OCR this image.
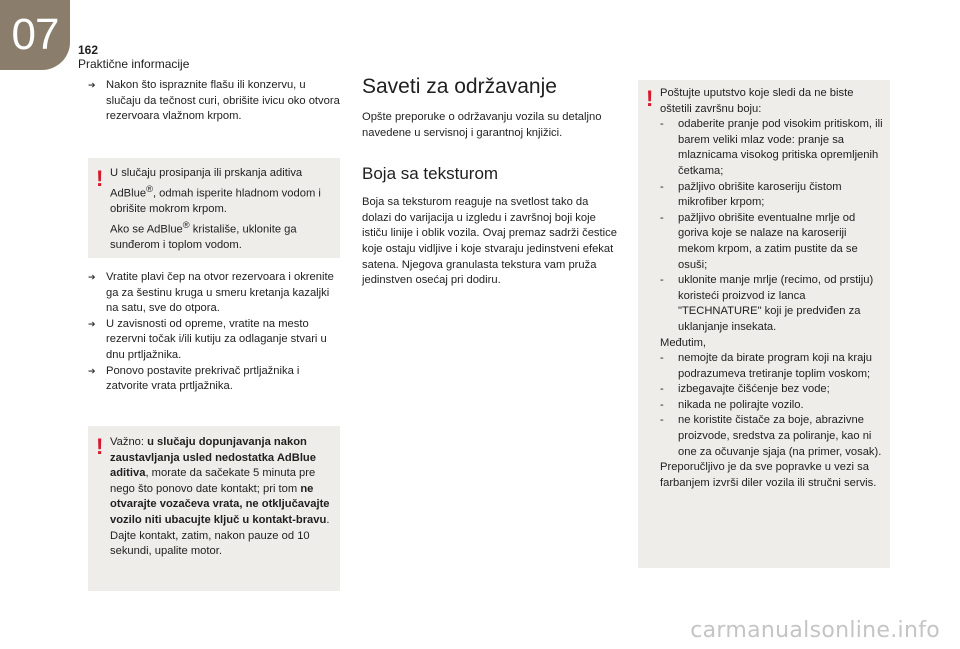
07 162
Praktične informacije
➔ Nakon što ispraznite flašu ili konzervu, u slučaju da tečnost curi, obrišite ivicu oko otvora rezervoara vlažnom krpom.
! U slučaju prosipanja ili prskanja aditiva AdBlue®, odmah isperite hladnom vodom i obrišite mokrom krpom.
Ako se AdBlue® kristališe, uklonite ga sunđerom i toplom vodom.
➔ Vratite plavi čep na otvor rezervoara i okrenite ga za šestinu kruga u smeru kretanja kazaljki na satu, sve do otpora.
➔ U zavisnosti od opreme, vratite na mesto rezervni točak i/ili kutiju za odlaganje stvari u dnu prtljažnika.
➔ Ponovo postavite prekrivač prtljažnika i zatvorite vrata prtljažnika.
! Važno: u slučaju dopunjavanja nakon zaustavljanja usled nedostatka AdBlue aditiva, morate da sačekate 5 minuta pre nego što ponovo date kontakt; pri tom ne otvarajte vozačeva vrata, ne otključavajte vozilo niti ubacujte ključ u kontakt-bravu.
Dajte kontakt, zatim, nakon pauze od 10 sekundi, upalite motor.
Saveti za održavanje

Opšte preporuke o održavanju vozila su detaljno navedene u servisnoj i garantnoj knjižici.

Boja sa teksturom

Boja sa teksturom reaguje na svetlost tako da dolazi do varijacija u izgledu i završnoj boji koje ističu linije i oblik vozila. Ovaj premaz sadrži čestice koje ostaju vidljive i koje stvaraju jedinstveni efekat satena. Njegova granulasta tekstura vam pruža jedinstven osećaj pri dodiru.

! Poštujte uputstvo koje sledi da ne biste oštetili završnu boju:

- odaberite pranje pod visokim pritiskom, ili barem veliki mlaz vode: pranje sa mlaznicama visokog pritiska opremljenih četkama;
- pažljivo obrišite karoseriju čistom mikrofiber krpom;
- pažljivo obrišite eventualne mrlje od goriva koje se nalaze na karoseriji mekom krpom, a zatim pustite da se osuši;
- uklonite manje mrlje (recimo, od prstiju) koristeći proizvod iz lanca "TECHNATURE" koji je predviđen za uklanjanje insekata.

Međutim,

- nemojte da birate program koji na kraju podrazumeva tretiranje toplim voskom;
- izbegavajte čišćenje bez vode;
- nikada ne polirajte vozilo.
- ne koristite čistače za boje, abrazivne proizvode, sredstva za poliranje, kao ni one za očuvanje sjaja (na primer, vosak).

Preporučljivo je da sve popravke u vezi sa farbanjem izvrši diler vozila ili stručni servis.

carmanualsonline.info
